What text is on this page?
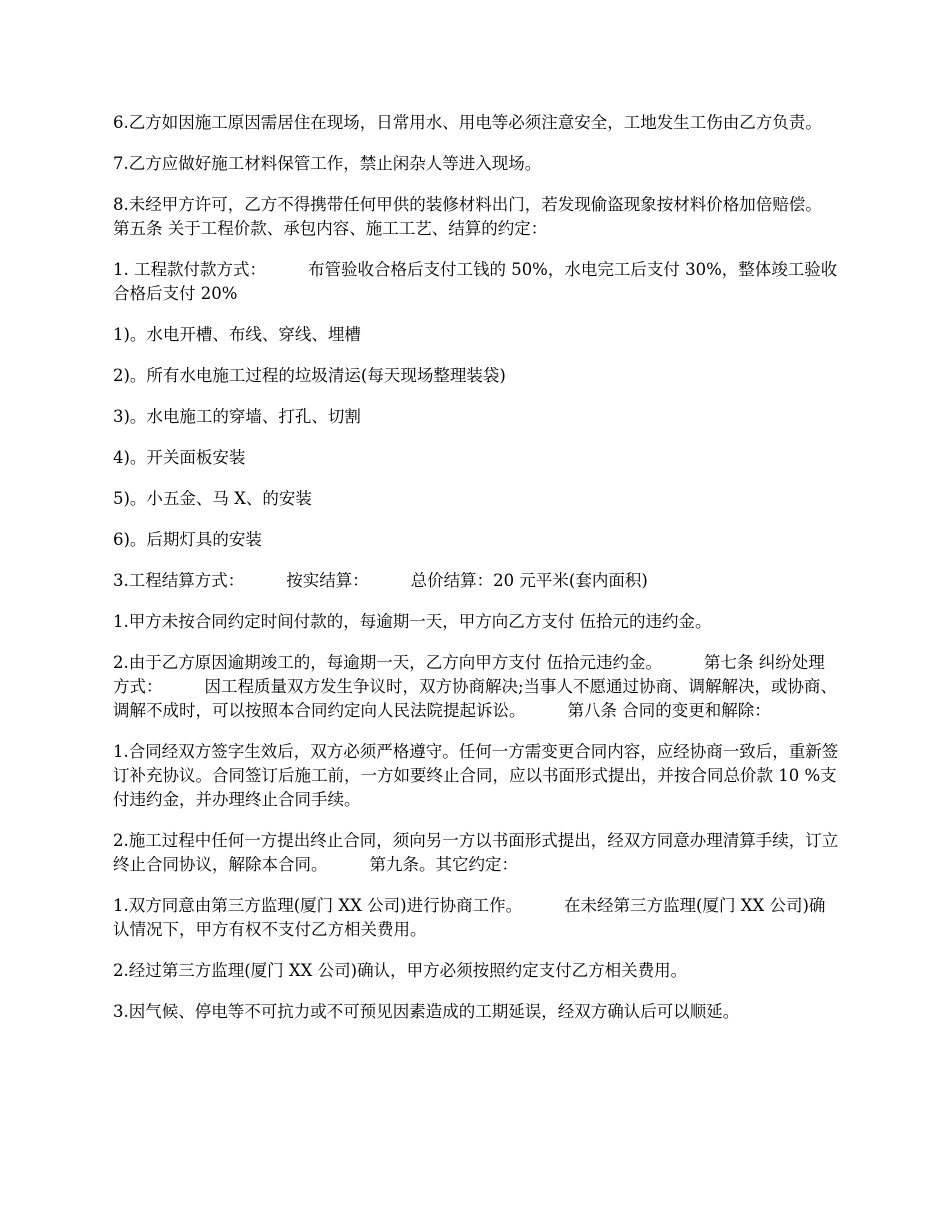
6.乙方如因施工原因需居住在现场，日常用水、用电等必须注意安全，工地发生工伤由乙方负责。

7.乙方应做好施工材料保管工作，禁止闲杂人等进入现场。

8.未经甲方许可，乙方不得携带任何甲供的装修材料出门，若发现偷盗现象按材料价格加倍赔偿。        第五条 关于工程价款、承包内容、施工工艺、结算的约定：

1. 工程款付款方式：        布管验收合格后支付工钱的 50%，水电完工后支付 30%，整体竣工验收合格后支付 20%

1)。水电开槽、布线、穿线、埋槽

2)。所有水电施工过程的垃圾清运(每天现场整理装袋)

3)。水电施工的穿墙、打孔、切割

4)。开关面板安装

5)。小五金、马 X、的安装

6)。后期灯具的安装

3.工程结算方式：        按实结算：        总价结算：20 元平米(套内面积)

1.甲方未按合同约定时间付款的，每逾期一天，甲方向乙方支付 伍拾元的违约金。

2.由于乙方原因逾期竣工的，每逾期一天，乙方向甲方支付 伍拾元违约金。        第七条 纠纷处理方式：        因工程质量双方发生争议时，双方协商解决;当事人不愿通过协商、调解解决，或协商、调解不成时，可以按照本合同约定向人民法院提起诉讼。        第八条 合同的变更和解除：

1.合同经双方签字生效后，双方必须严格遵守。任何一方需变更合同内容，应经协商一致后，重新签订补充协议。合同签订后施工前，一方如要终止合同，应以书面形式提出，并按合同总价款 10 %支付违约金，并办理终止合同手续。

2.施工过程中任何一方提出终止合同，须向另一方以书面形式提出，经双方同意办理清算手续，订立终止合同协议，解除本合同。        第九条。其它约定：

1.双方同意由第三方监理(厦门 XX 公司)进行协商工作。        在未经第三方监理(厦门 XX 公司)确认情况下，甲方有权不支付乙方相关费用。

2.经过第三方监理(厦门 XX 公司)确认，甲方必须按照约定支付乙方相关费用。

3.因气候、停电等不可抗力或不可预见因素造成的工期延误，经双方确认后可以顺延。
